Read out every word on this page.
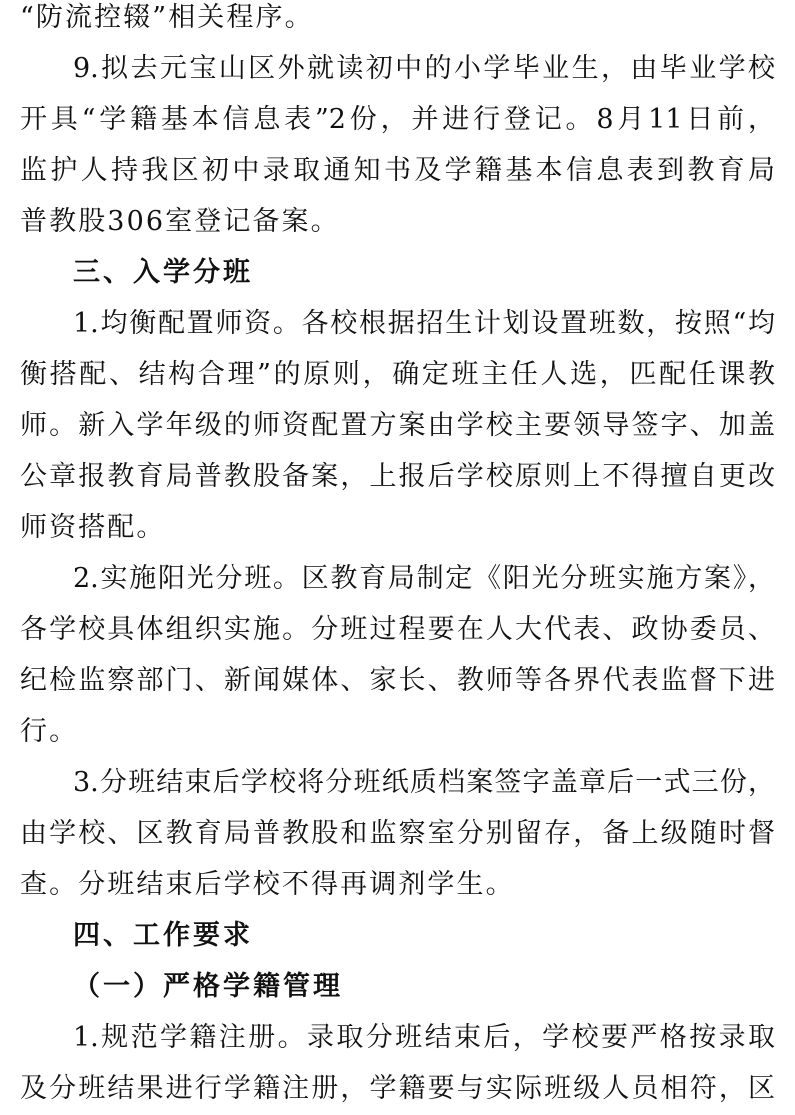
“防流控辍”相关程序。
9.拟去元宝山区外就读初中的小学毕业生，由毕业学校
开具“学籍基本信息表”2份，并进行登记。8月11日前，
监护人持我区初中录取通知书及学籍基本信息表到教育局
普教股306室登记备案。
三、入学分班
1.均衡配置师资。各校根据招生计划设置班数，按照“均
衡搭配、结构合理”的原则，确定班主任人选，匹配任课教
师。新入学年级的师资配置方案由学校主要领导签字、加盖
公章报教育局普教股备案，上报后学校原则上不得擅自更改
师资搭配。
2.实施阳光分班。区教育局制定《阳光分班实施方案》，
各学校具体组织实施。分班过程要在人大代表、政协委员、
纪检监察部门、新闻媒体、家长、教师等各界代表监督下进
行。
3.分班结束后学校将分班纸质档案签字盖章后一式三份，
由学校、区教育局普教股和监察室分别留存，备上级随时督
查。分班结束后学校不得再调剂学生。
四、工作要求
（一）严格学籍管理
1.规范学籍注册。录取分班结束后，学校要严格按录取
及分班结果进行学籍注册，学籍要与实际班级人员相符，区
